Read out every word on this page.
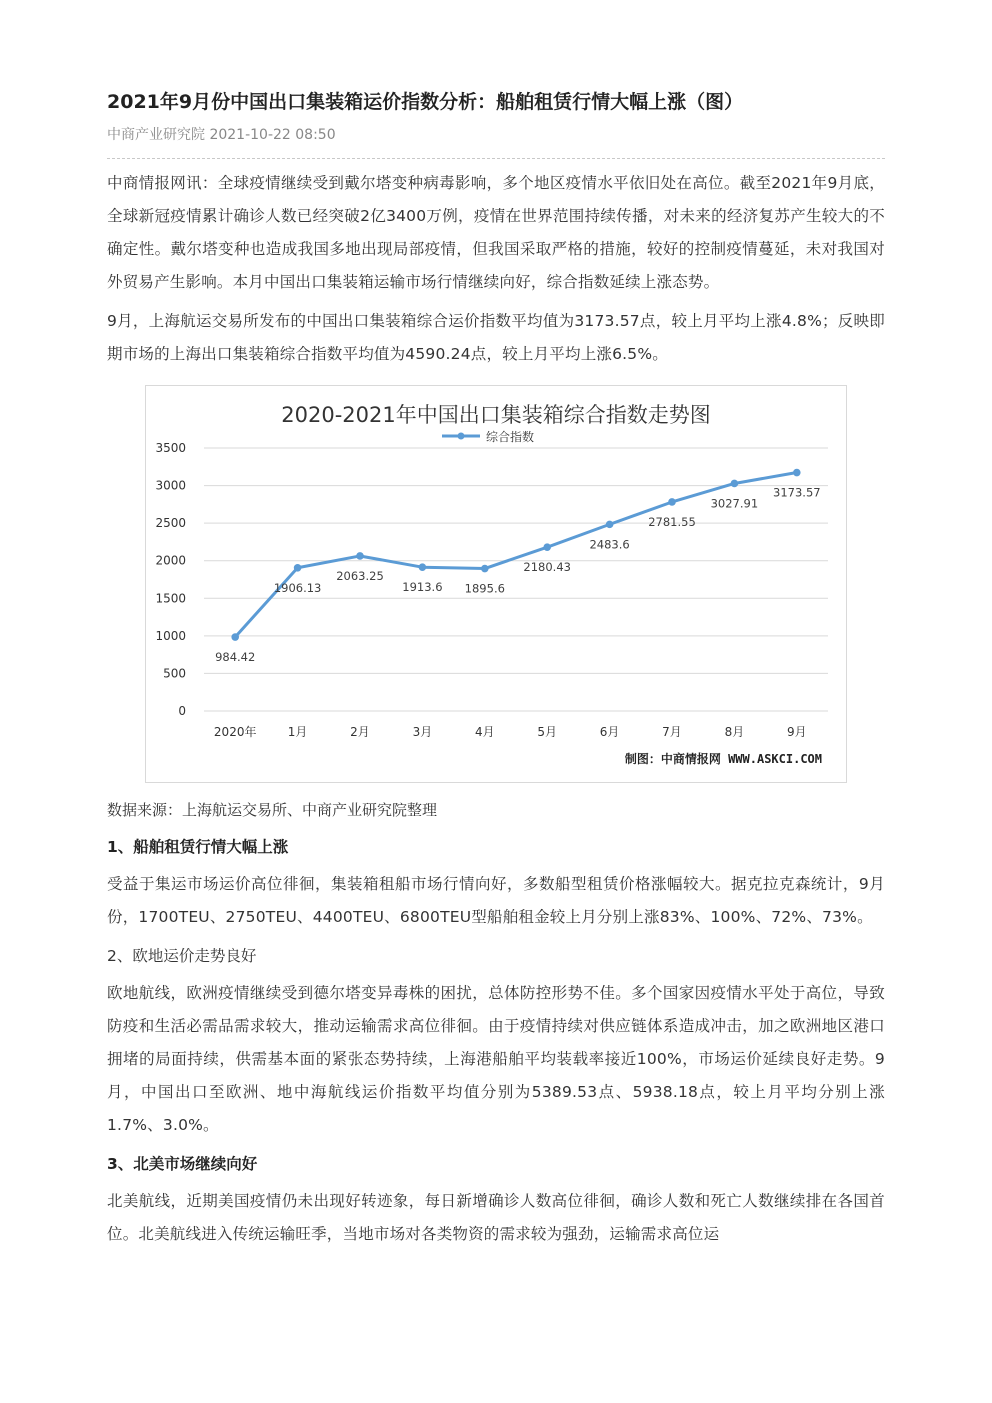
2021年9月份中国出口集装箱运价指数分析：船舶租赁行情大幅上涨（图）
中商产业研究院 2021-10-22 08:50

中商情报网讯：全球疫情继续受到戴尔塔变种病毒影响，多个地区疫情水平依旧处在高位。截至2021年9月底，全球新冠疫情累计确诊人数已经突破2亿3400万例，疫情在世界范围持续传播，对未来的经济复苏产生较大的不确定性。戴尔塔变种也造成我国多地出现局部疫情，但我国采取严格的措施，较好的控制疫情蔓延，未对我国对外贸易产生影响。本月中国出口集装箱运输市场行情继续向好，综合指数延续上涨态势。

9月，上海航运交易所发布的中国出口集装箱综合运价指数平均值为3173.57点，较上月平均上涨4.8%；反映即期市场的上海出口集装箱综合指数平均值为4590.24点，较上月平均上涨6.5%。

2020-2021年中国出口集装箱综合指数走势图
综合指数
0
500
1000
1500
2000
2500
3000
3500
2020年	1月	2月	3月	4月	5月	6月	7月	8月	9月
984.42
1906.13
2063.25
1913.6 1895.6
2180.43
2483.6
2781.55
3027.91
3173.57
制图：中商情报网 WWW.ASKCI.COM

数据来源：上海航运交易所、中商产业研究院整理

1、船舶租赁行情大幅上涨

受益于集运市场运价高位徘徊，集装箱租船市场行情向好，多数船型租赁价格涨幅较大。据克拉克森统计，9月份，1700TEU、2750TEU、4400TEU、6800TEU型船舶租金较上月分别上涨83%、100%、72%、73%。

2、欧地运价走势良好

欧地航线，欧洲疫情继续受到德尔塔变异毒株的困扰，总体防控形势不佳。多个国家因疫情水平处于高位，导致防疫和生活必需品需求较大，推动运输需求高位徘徊。由于疫情持续对供应链体系造成冲击，加之欧洲地区港口拥堵的局面持续，供需基本面的紧张态势持续，上海港船舶平均装载率接近100%，市场运价延续良好走势。9月，中国出口至欧洲、地中海航线运价指数平均值分别为5389.53点、5938.18点，较上月平均分别上涨1.7%、3.0%。

3、北美市场继续向好

北美航线，近期美国疫情仍未出现好转迹象，每日新增确诊人数高位徘徊，确诊人数和死亡人数继续排在各国首位。北美航线进入传统运输旺季，当地市场对各类物资的需求较为强劲，运输需求高位运
